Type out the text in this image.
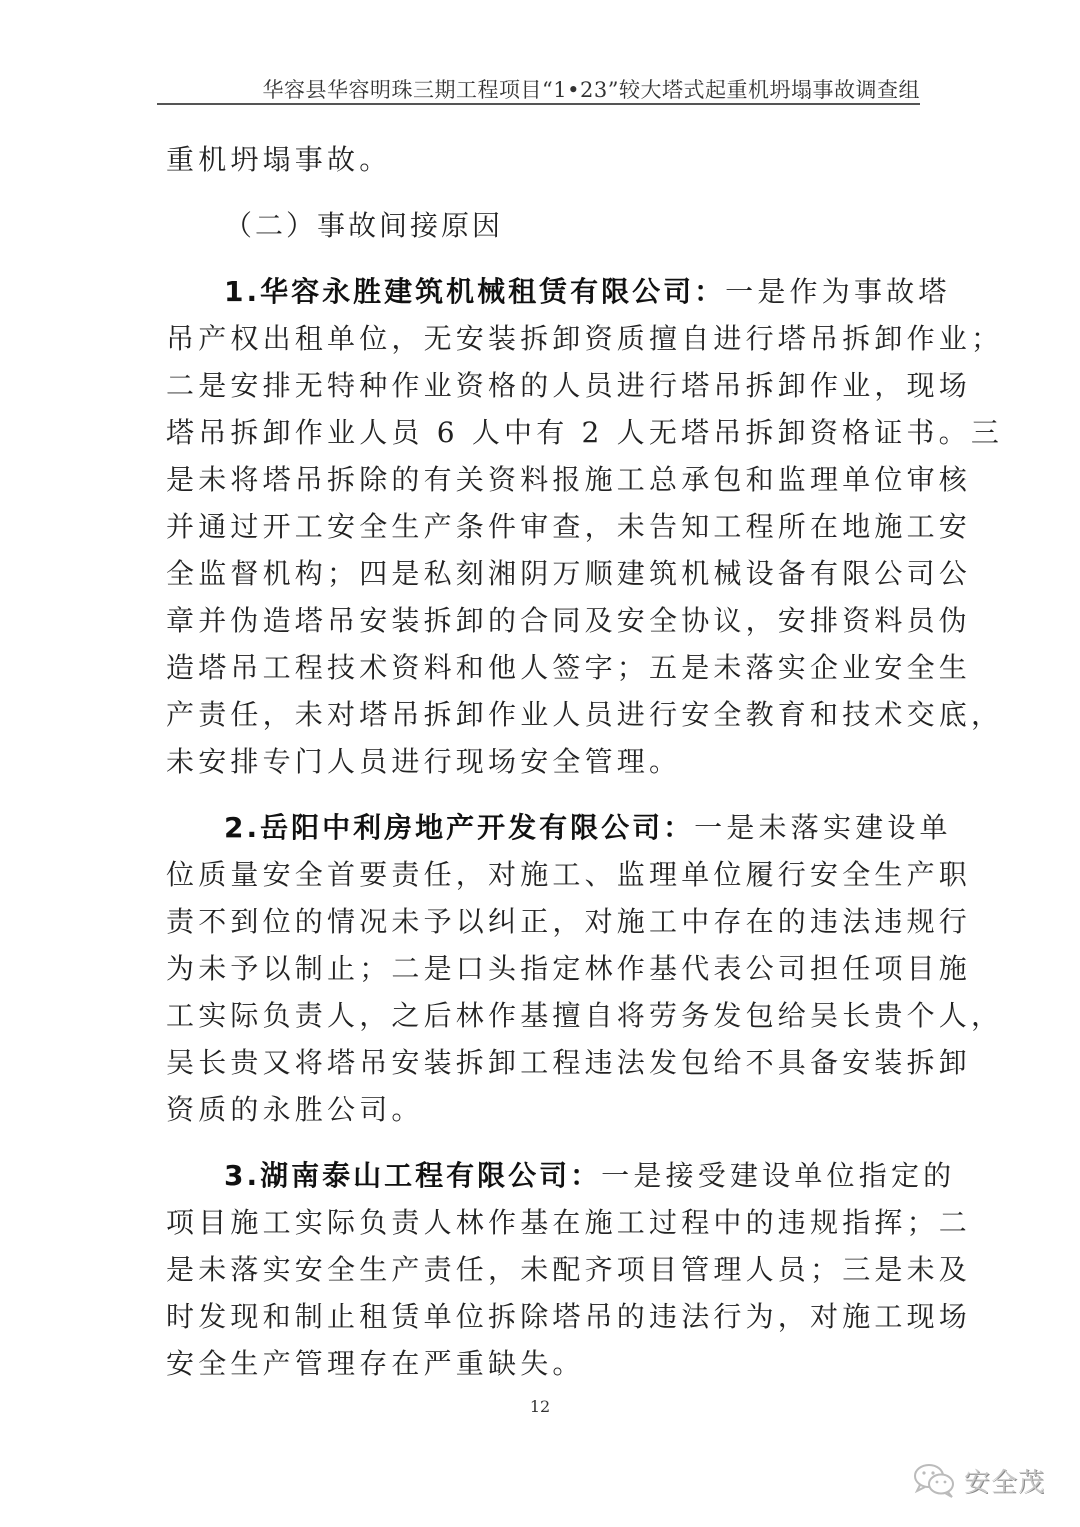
华容县华容明珠三期工程项目“1•23”较大塔式起重机坍塌事故调查组
重机坍塌事故。
（二）事故间接原因
1.华容永胜建筑机械租赁有限公司：一是作为事故塔
吊产权出租单位，无安装拆卸资质擅自进行塔吊拆卸作业；
二是安排无特种作业资格的人员进行塔吊拆卸作业，现场
塔吊拆卸作业人员 6 人中有 2 人无塔吊拆卸资格证书。三
是未将塔吊拆除的有关资料报施工总承包和监理单位审核
并通过开工安全生产条件审查，未告知工程所在地施工安
全监督机构；四是私刻湘阴万顺建筑机械设备有限公司公
章并伪造塔吊安装拆卸的合同及安全协议，安排资料员伪
造塔吊工程技术资料和他人签字；五是未落实企业安全生
产责任，未对塔吊拆卸作业人员进行安全教育和技术交底，
未安排专门人员进行现场安全管理。
2.岳阳中利房地产开发有限公司：一是未落实建设单
位质量安全首要责任，对施工、监理单位履行安全生产职
责不到位的情况未予以纠正，对施工中存在的违法违规行
为未予以制止；二是口头指定林作基代表公司担任项目施
工实际负责人，之后林作基擅自将劳务发包给吴长贵个人，
吴长贵又将塔吊安装拆卸工程违法发包给不具备安装拆卸
资质的永胜公司。
3.湖南泰山工程有限公司：一是接受建设单位指定的
项目施工实际负责人林作基在施工过程中的违规指挥；二
是未落实安全生产责任，未配齐项目管理人员；三是未及
时发现和制止租赁单位拆除塔吊的违法行为，对施工现场
安全生产管理存在严重缺失。
12
安全茂
